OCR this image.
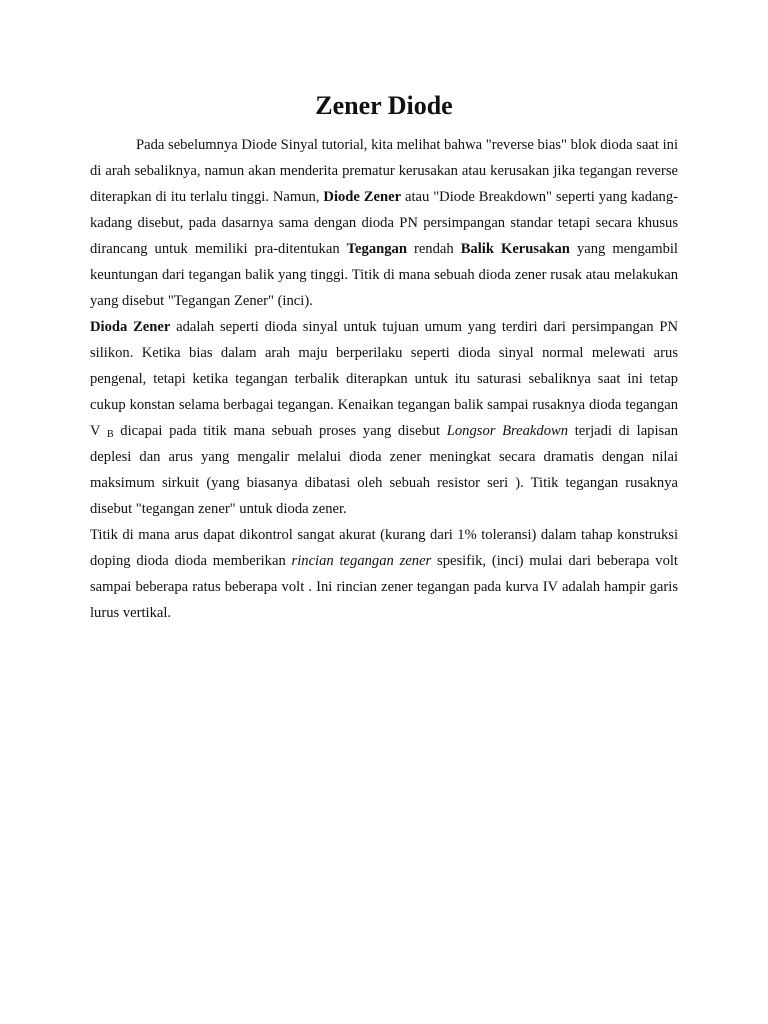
Zener Diode

Pada sebelumnya Diode Sinyal tutorial, kita melihat bahwa "reverse bias" blok dioda saat ini di arah sebaliknya, namun akan menderita prematur kerusakan atau kerusakan jika tegangan reverse diterapkan di itu terlalu tinggi. Namun, Diode Zener atau "Diode Breakdown" seperti yang kadang-kadang disebut, pada dasarnya sama dengan dioda PN persimpangan standar tetapi secara khusus dirancang untuk memiliki pra-ditentukan Tegangan rendah Balik Kerusakan yang mengambil keuntungan dari tegangan balik yang tinggi. Titik di mana sebuah dioda zener rusak atau melakukan yang disebut "Tegangan Zener" (inci).

Dioda Zener adalah seperti dioda sinyal untuk tujuan umum yang terdiri dari persimpangan PN silikon. Ketika bias dalam arah maju berperilaku seperti dioda sinyal normal melewati arus pengenal, tetapi ketika tegangan terbalik diterapkan untuk itu saturasi sebaliknya saat ini tetap cukup konstan selama berbagai tegangan. Kenaikan tegangan balik sampai rusaknya dioda tegangan V $_B$ dicapai pada titik mana sebuah proses yang disebut Longsor Breakdown terjadi di lapisan deplesi dan arus yang mengalir melalui dioda zener meningkat secara dramatis dengan nilai maksimum sirkuit (yang biasanya dibatasi oleh sebuah resistor seri ). Titik tegangan rusaknya disebut "tegangan zener" untuk dioda zener.

Titik di mana arus dapat dikontrol sangat akurat (kurang dari 1% toleransi) dalam tahap konstruksi doping dioda dioda memberikan rincian tegangan zener spesifik, (inci) mulai dari beberapa volt sampai beberapa ratus beberapa volt . Ini rincian zener tegangan pada kurva IV adalah hampir garis lurus vertikal.
